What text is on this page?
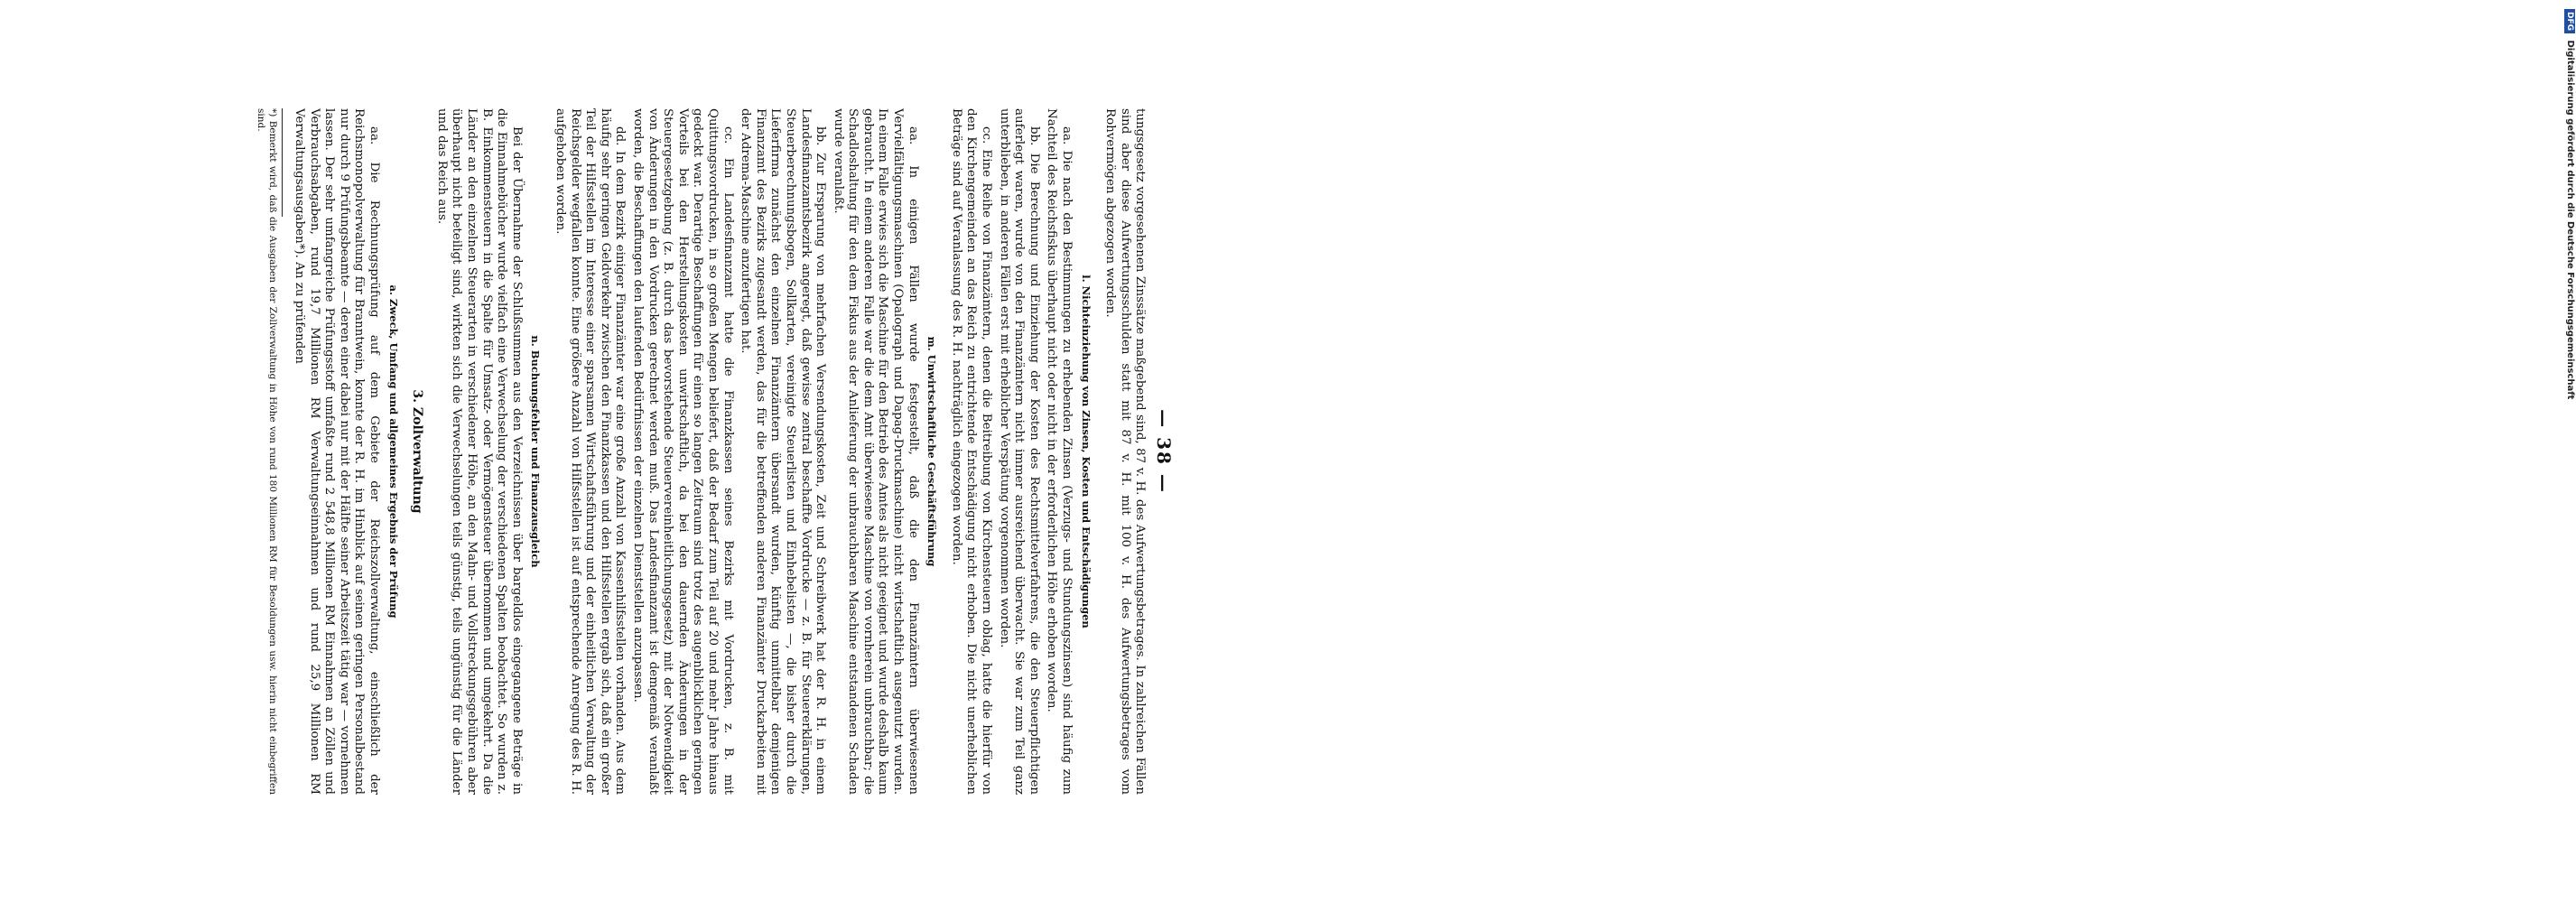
— 38 —

tungsgesetz vorgesehenen Zinssätze maßgebend sind, 87 v. H. des Aufwertungsbetrages. In zahlreichen Fällen sind aber diese Aufwertungsschulden statt mit 87 v. H. mit 100 v. H. des Aufwertungsbetrages vom Rohvermögen abgezogen worden.

l. Nichteinziehung von Zinsen, Kosten und Entschädigungen

aa. Die nach den Bestimmungen zu erhebenden Zinsen (Verzugs- und Stundungszinsen) sind häufig zum Nachteil des Reichsfiskus überhaupt nicht oder nicht in der erforderlichen Höhe erhoben worden.

bb. Die Berechnung und Einziehung der Kosten des Rechtsmittelverfahrens, die den Steuerpflichtigen auferlegt waren, wurde von den Finanzämtern nicht immer ausreichend überwacht. Sie war zum Teil ganz unterblieben, in anderen Fällen erst mit erheblicher Verspätung vorgenommen worden.

cc. Eine Reihe von Finanzämtern, denen die Beitreibung von Kirchensteuern oblag, hatte die hierfür von den Kirchengemeinden an das Reich zu entrichtende Entschädigung nicht erhoben. Die nicht unerheblichen Beträge sind auf Veranlassung des R. H. nachträglich eingezogen worden.

m. Unwirtschaftliche Geschäftsführung

aa. In einigen Fällen wurde festgestellt, daß die den Finanzämtern überwiesenen Vervielfältigungsmaschinen (Opalograph und Dapag-Druckmaschine) nicht wirtschaftlich ausgenutzt wurden. In einem Falle erwies sich die Maschine für den Betrieb des Amtes als nicht geeignet und wurde deshalb kaum gebraucht. In einem anderen Falle war die dem Amt überwiesene Maschine von vornherein unbrauchbar; die Schadloshaltung für den dem Fiskus aus der Anlieferung der unbrauchbaren Maschine entstandenen Schaden wurde veranlaßt.

bb. Zur Ersparung von mehrfachen Versendungskosten, Zeit und Schreibwerk hat der R. H. in einem Landesfinanzamtsbezirk angeregt, daß gewisse zentral beschaffte Vordrucke — z. B. für Steuererklärungen, Steuerberechnungsbogen, Sollkarten, vereinigte Steuerlisten und Einhebelisten —, die bisher durch die Lieferfirma zunächst den einzelnen Finanzämtern übersandt wurden, künftig unmittelbar demjenigen Finanzamt des Bezirks zugesandt werden, das für die betreffenden anderen Finanzämter Druckarbeiten mit der Adrema-Maschine anzufertigen hat.

cc. Ein Landesfinanzamt hatte die Finanzkassen seines Bezirks mit Vordrucken, z. B. mit Quittungsvordrucken, in so großen Mengen beliefert, daß der Bedarf zum Teil auf 20 und mehr Jahre hinaus gedeckt war. Derartige Beschaffungen für einen so langen Zeitraum sind trotz des augenblicklichen geringen Vorteils bei den Herstellungskosten unwirtschaftlich, da bei den dauernden Änderungen in der Steuergesetzgebung (z. B. durch das bevorstehende Steuervereinheitlichungsgesetz) mit der Notwendigkeit von Änderungen in den Vordrucken gerechnet werden muß. Das Landesfinanzamt ist demgemäß veranlaßt worden, die Beschaffungen den laufenden Bedürfnissen der einzelnen Dienststellen anzupassen.

dd. In dem Bezirk einiger Finanzämter war eine große Anzahl von Kassenhilfsstellen vorhanden. Aus dem häufig sehr geringen Geldverkehr zwischen den Finanzkassen und den Hilfsstellen ergab sich, daß ein großer Teil der Hilfsstellen im Interesse einer sparsamen Wirtschaftsführung und der einheitlichen Verwaltung der Reichsgelder wegfallen konnte. Eine größere Anzahl von Hilfsstellen ist auf entsprechende Anregung des R. H. aufgehoben worden.

n. Buchungsfehler und Finanzausgleich

Bei der Übernahme der Schlußsummen aus den Verzeichnissen über bargeldlos eingegangene Beträge in die Einnahmebücher wurde vielfach eine Verwechselung der verschiedenen Spalten beobachtet. So wurden z. B. Einkommensteuern in die Spalte für Umsatz- oder Vermögensteuer übernommen und umgekehrt. Da die Länder an den einzelnen Steuerarten in verschiedener Höhe, an den Mahn- und Vollstreckungsgebühren aber überhaupt nicht beteiligt sind, wirkten sich die Verwechselungen teils günstig, teils ungünstig für die Länder und das Reich aus.

3. Zollverwaltung
a. Zweck, Umfang und allgemeines Ergebnis der Prüfung

aa. Die Rechnungsprüfung auf dem Gebiete der Reichszollverwaltung, einschließlich der Reichsmonopolverwaltung für Branntwein, konnte der R. H. im Hinblick auf seinen geringen Personalbestand nur durch 9 Prüfungsbeamte — deren einer dabei nur mit der Hälfte seiner Arbeitszeit tätig war — vornehmen lassen. Der sehr umfangreiche Prüfungsstoff umfaßte rund 2 548,8 Millionen RM Einnahmen an Zöllen und Verbrauchsabgaben, rund 19,7 Millionen RM Verwaltungseinnahmen und rund 25,9 Millionen RM Verwaltungsausgaben*). An zu prüfenden

*) Bemerkt wird, daß die Ausgaben der Zollverwaltung in Höhe von rund 180 Millionen RM für Besoldungen usw. hierin nicht einbegriffen sind.

DFG Digitalisierung gefördert durch die Deutsche Forschungsgemeinschaft
